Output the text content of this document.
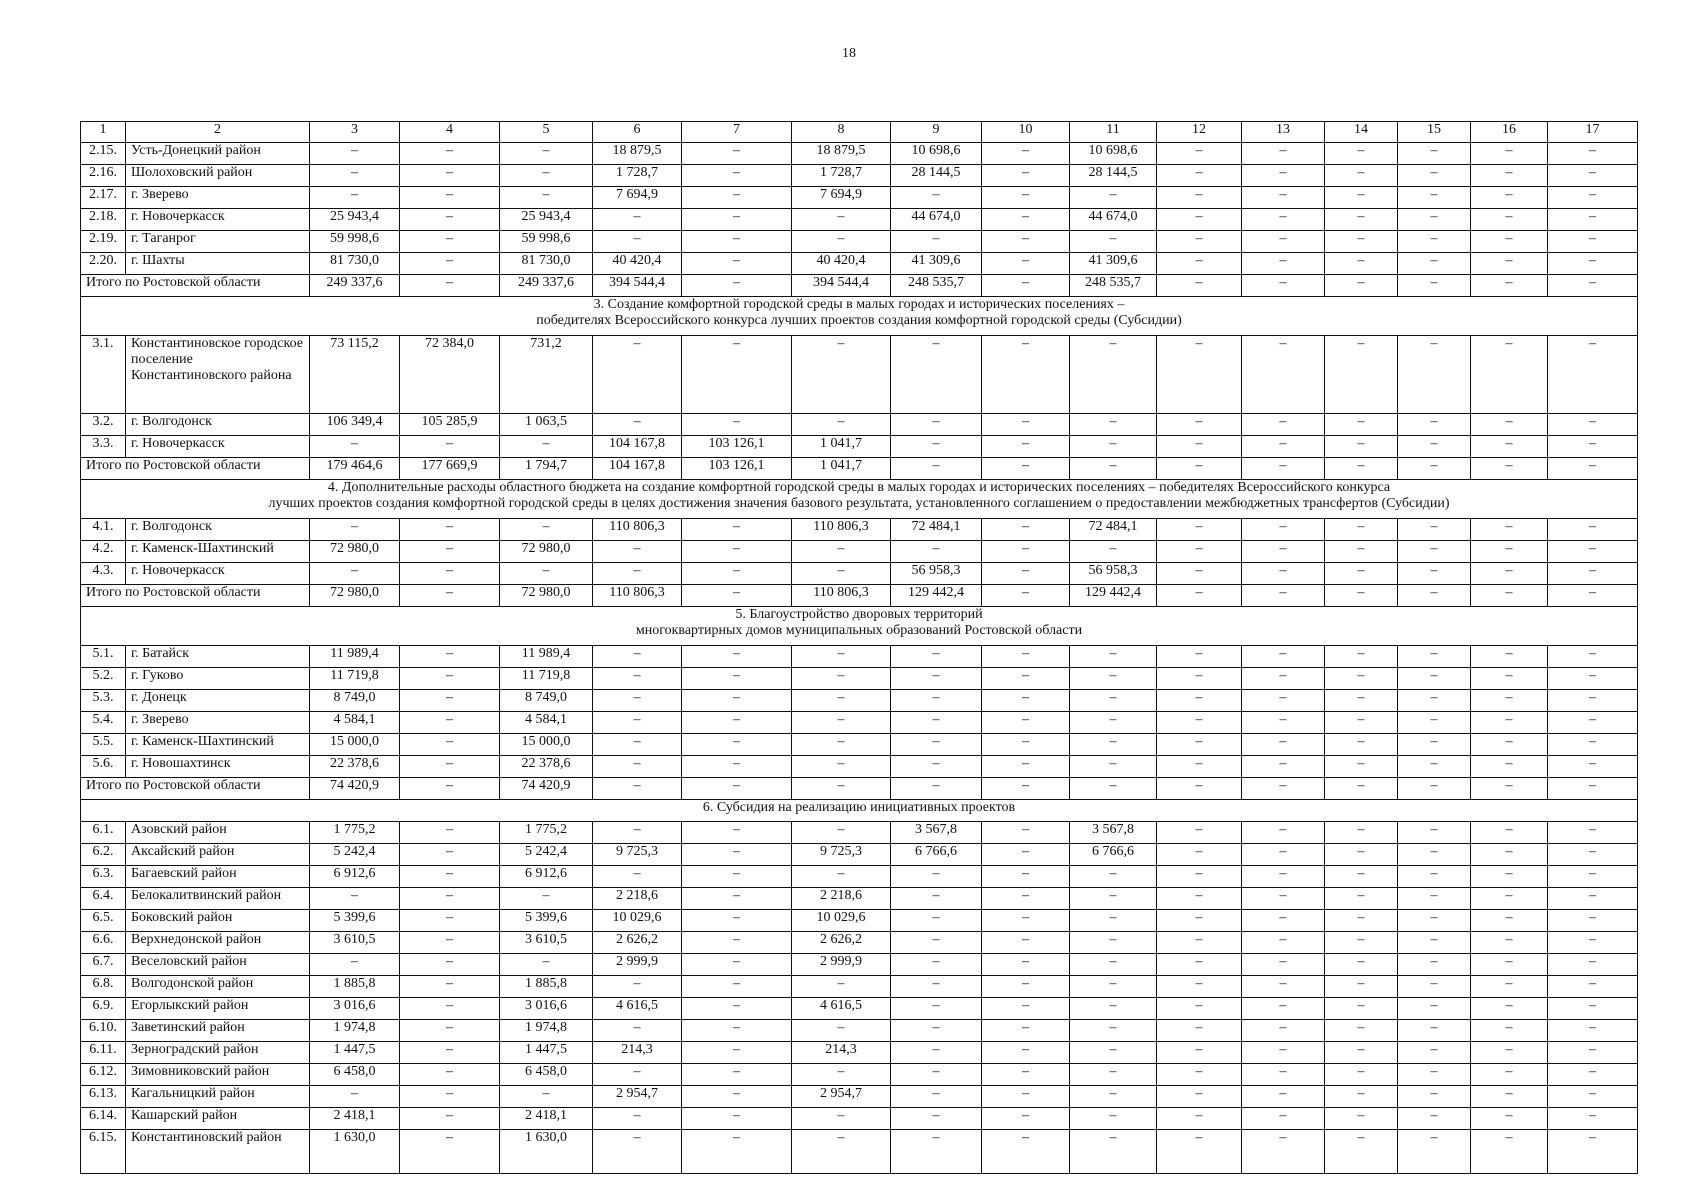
18
1	2	3	4	5	6	7	8	9	10	11	12	13	14	15	16	17
2.15.	Усть-Донецкий район	–	–	–	18 879,5	–	18 879,5	10 698,6	–	10 698,6	–	–	–	–	–	–
2.16.	Шолоховский район	–	–	–	1 728,7	–	1 728,7	28 144,5	–	28 144,5	–	–	–	–	–	–
2.17.	г. Зверево	–	–	–	7 694,9	–	7 694,9	–	–	–	–	–	–	–	–	–
2.18.	г. Новочеркасск	25 943,4	–	25 943,4	–	–	–	44 674,0	–	44 674,0	–	–	–	–	–	–
2.19.	г. Таганрог	59 998,6	–	59 998,6	–	–	–	–	–	–	–	–	–	–	–	–
2.20.	г. Шахты	81 730,0	–	81 730,0	40 420,4	–	40 420,4	41 309,6	–	41 309,6	–	–	–	–	–	–
Итого по Ростовской области		249 337,6	–	249 337,6	394 544,4	–	394 544,4	248 535,7	–	248 535,7	–	–	–	–	–	–

3. Создание комфортной городской среды в малых городах и исторических поселениях –
победителях Всероссийского конкурса лучших проектов создания комфортной городской среды (Субсидии)																

3.1.	Константиновское городское поселение Константиновского района	73 115,2	72 384,0	731,2	–	–	–	–	–	–	–	–	–	–	–	–
3.2.	г. Волгодонск	106 349,4	105 285,9	1 063,5	–	–	–	–	–	–	–	–	–	–	–	–
3.3.	г. Новочеркасск	–	–	–	104 167,8	103 126,1	1 041,7	–	–	–	–	–	–	–	–	–
Итого по Ростовской области		179 464,6	177 669,9	1 794,7	104 167,8	103 126,1	1 041,7	–	–	–	–	–	–	–	–	–

4. Дополнительные расходы областного бюджета на создание комфортной городской среды в малых городах и исторических поселениях – победителях Всероссийского конкурса
лучших проектов создания комфортной городской среды в целях достижения значения базового результата, установленного соглашением о предоставлении межбюджетных трансфертов (Субсидии)																

4.1.	г. Волгодонск	–	–	–	110 806,3	–	110 806,3	72 484,1	–	72 484,1	–	–	–	–	–	–
4.2.	г. Каменск-Шахтинский	72 980,0	–	72 980,0	–	–	–	–	–	–	–	–	–	–	–	–
4.3.	г. Новочеркасск	–	–	–	–	–	–	56 958,3	–	56 958,3	–	–	–	–	–	–
Итого по Ростовской области		72 980,0	–	72 980,0	110 806,3	–	110 806,3	129 442,4	–	129 442,4	–	–	–	–	–	–

5. Благоустройство дворовых территорий
многоквартирных домов муниципальных образований Ростовской области																

5.1.	г. Батайск	11 989,4	–	11 989,4	–	–	–	–	–	–	–	–	–	–	–	–
5.2.	г. Гуково	11 719,8	–	11 719,8	–	–	–	–	–	–	–	–	–	–	–	–
5.3.	г. Донецк	8 749,0	–	8 749,0	–	–	–	–	–	–	–	–	–	–	–	–
5.4.	г. Зверево	4 584,1	–	4 584,1	–	–	–	–	–	–	–	–	–	–	–	–
5.5.	г. Каменск-Шахтинский	15 000,0	–	15 000,0	–	–	–	–	–	–	–	–	–	–	–	–
5.6.	г. Новошахтинск	22 378,6	–	22 378,6	–	–	–	–	–	–	–	–	–	–	–	–
Итого по Ростовской области		74 420,9	–	74 420,9	–	–	–	–	–	–	–	–	–	–	–	–

6. Субсидия на реализацию инициативных проектов																

6.1.	Азовский район	1 775,2	–	1 775,2	–	–	–	3 567,8	–	3 567,8	–	–	–	–	–	–
6.2.	Аксайский район	5 242,4	–	5 242,4	9 725,3	–	9 725,3	6 766,6	–	6 766,6	–	–	–	–	–	–
6.3.	Багаевский район	6 912,6	–	6 912,6	–	–	–	–	–	–	–	–	–	–	–	–
6.4.	Белокалитвинский район	–	–	–	2 218,6	–	2 218,6	–	–	–	–	–	–	–	–	–
6.5.	Боковский район	5 399,6	–	5 399,6	10 029,6	–	10 029,6	–	–	–	–	–	–	–	–	–
6.6.	Верхнедонской район	3 610,5	–	3 610,5	2 626,2	–	2 626,2	–	–	–	–	–	–	–	–	–
6.7.	Веселовский район	–	–	–	2 999,9	–	2 999,9	–	–	–	–	–	–	–	–	–
6.8.	Волгодонской район	1 885,8	–	1 885,8	–	–	–	–	–	–	–	–	–	–	–	–
6.9.	Егорлыкский район	3 016,6	–	3 016,6	4 616,5	–	4 616,5	–	–	–	–	–	–	–	–	–
6.10.	Заветинский район	1 974,8	–	1 974,8	–	–	–	–	–	–	–	–	–	–	–	–
6.11.	Зерноградский район	1 447,5	–	1 447,5	214,3	–	214,3	–	–	–	–	–	–	–	–	–
6.12.	Зимовниковский район	6 458,0	–	6 458,0	–	–	–	–	–	–	–	–	–	–	–	–
6.13.	Кагальницкий район	–	–	–	2 954,7	–	2 954,7	–	–	–	–	–	–	–	–	–
6.14.	Кашарский район	2 418,1	–	2 418,1	–	–	–	–	–	–	–	–	–	–	–	–
6.15.	Константиновский район	1 630,0	–	1 630,0	–	–	–	–	–	–	–	–	–	–	–	–
